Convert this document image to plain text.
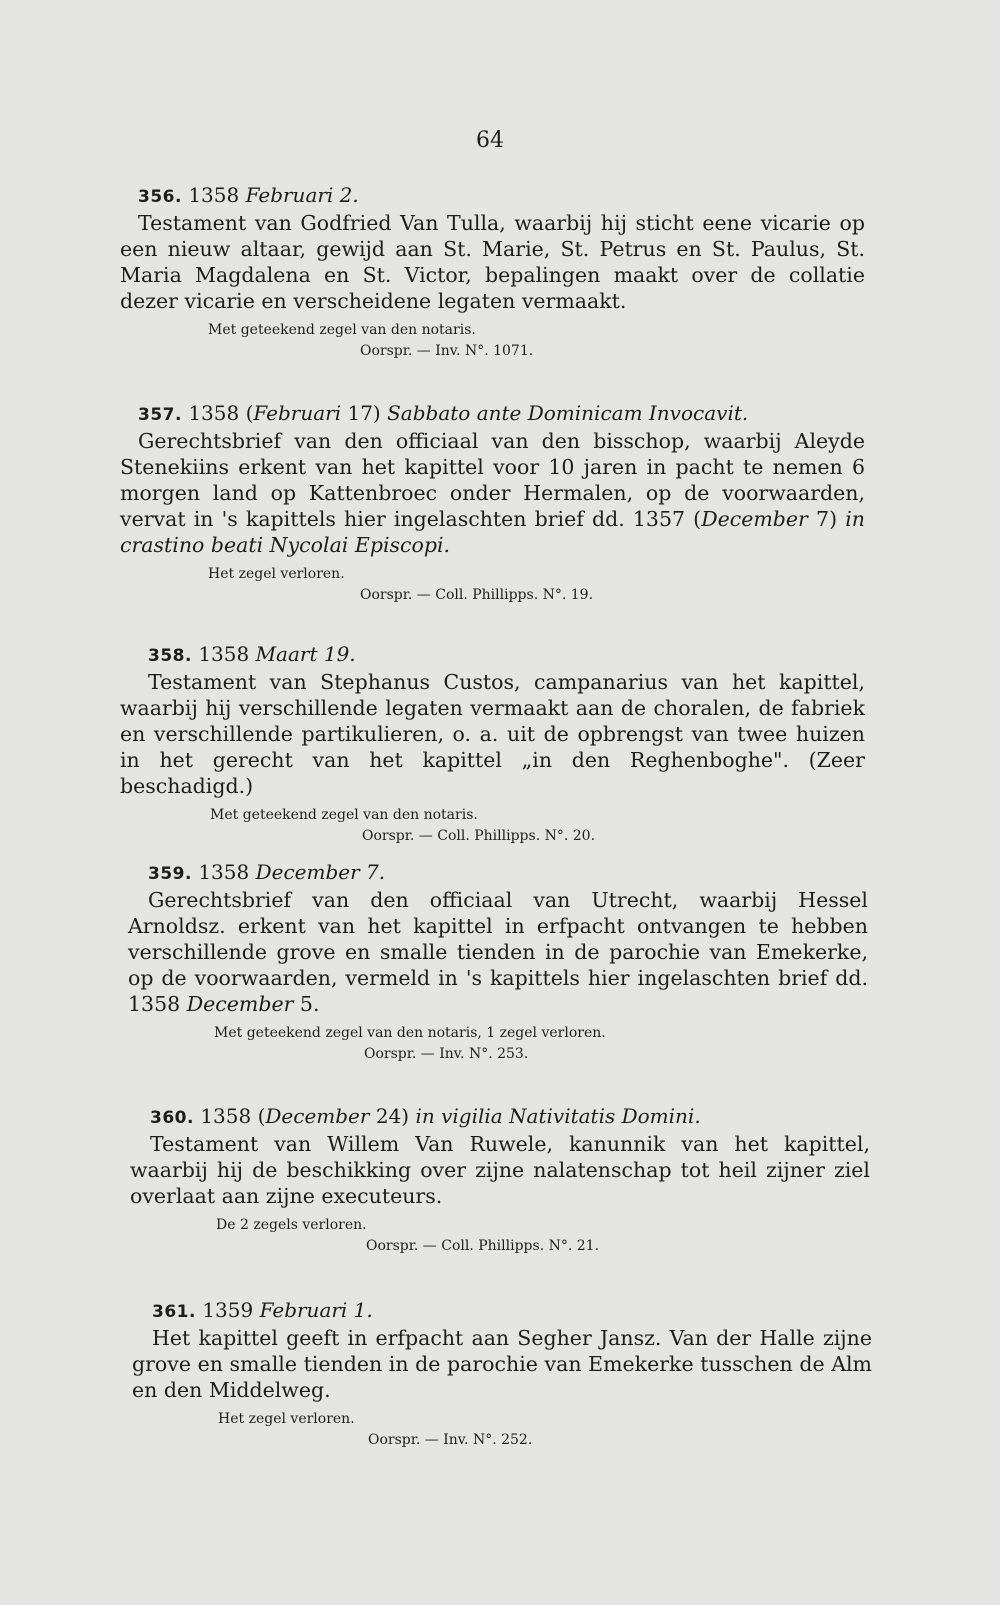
64
356. 1358 Februari 2.

Testament van Godfried Van Tulla, waarbij hij sticht eene vicarie op een nieuw altaar, gewijd aan St. Marie, St. Petrus en St. Paulus, St. Maria Magdalena en St. Victor, bepalingen maakt over de collatie dezer vicarie en verscheidene legaten vermaakt.

Met geteekend zegel van den notaris.
Oorspr. — Inv. N°. 1071.
357. 1358 (Februari 17) Sabbato ante Dominicam Invocavit.

Gerechtsbrief van den officiaal van den bisschop, waarbij Aleyde Stenekiins erkent van het kapittel voor 10 jaren in pacht te nemen 6 morgen land op Kattenbroec onder Hermalen, op de voorwaarden, vervat in 's kapittels hier ingelaschten brief dd. 1357 (December 7) in crastino beati Nycolai Episcopi.

Het zegel verloren.
Oorspr. — Coll. Phillipps. N°. 19.
358. 1358 Maart 19.

Testament van Stephanus Custos, campanarius van het kapittel, waarbij hij verschillende legaten vermaakt aan de choralen, de fabriek en verschillende partikulieren, o. a. uit de opbrengst van twee huizen in het gerecht van het kapittel „in den Reghenboghe". (Zeer beschadigd.)

Met geteekend zegel van den notaris.
Oorspr. — Coll. Phillipps. N°. 20.
359. 1358 December 7.

Gerechtsbrief van den officiaal van Utrecht, waarbij Hessel Arnoldsz. erkent van het kapittel in erfpacht ontvangen te hebben verschillende grove en smalle tienden in de parochie van Emekerke, op de voorwaarden, vermeld in 's kapittels hier ingelaschten brief dd. 1358 December 5.

Met geteekend zegel van den notaris, 1 zegel verloren.
Oorspr. — Inv. N°. 253.
360. 1358 (December 24) in vigilia Nativitatis Domini.

Testament van Willem Van Ruwele, kanunnik van het kapittel, waarbij hij de beschikking over zijne nalatenschap tot heil zijner ziel overlaat aan zijne executeurs.

De 2 zegels verloren.
Oorspr. — Coll. Phillipps. N°. 21.
361. 1359 Februari 1.

Het kapittel geeft in erfpacht aan Segher Jansz. Van der Halle zijne grove en smalle tienden in de parochie van Emekerke tusschen de Alm en den Middelweg.

Het zegel verloren.
Oorspr. — Inv. N°. 252.
